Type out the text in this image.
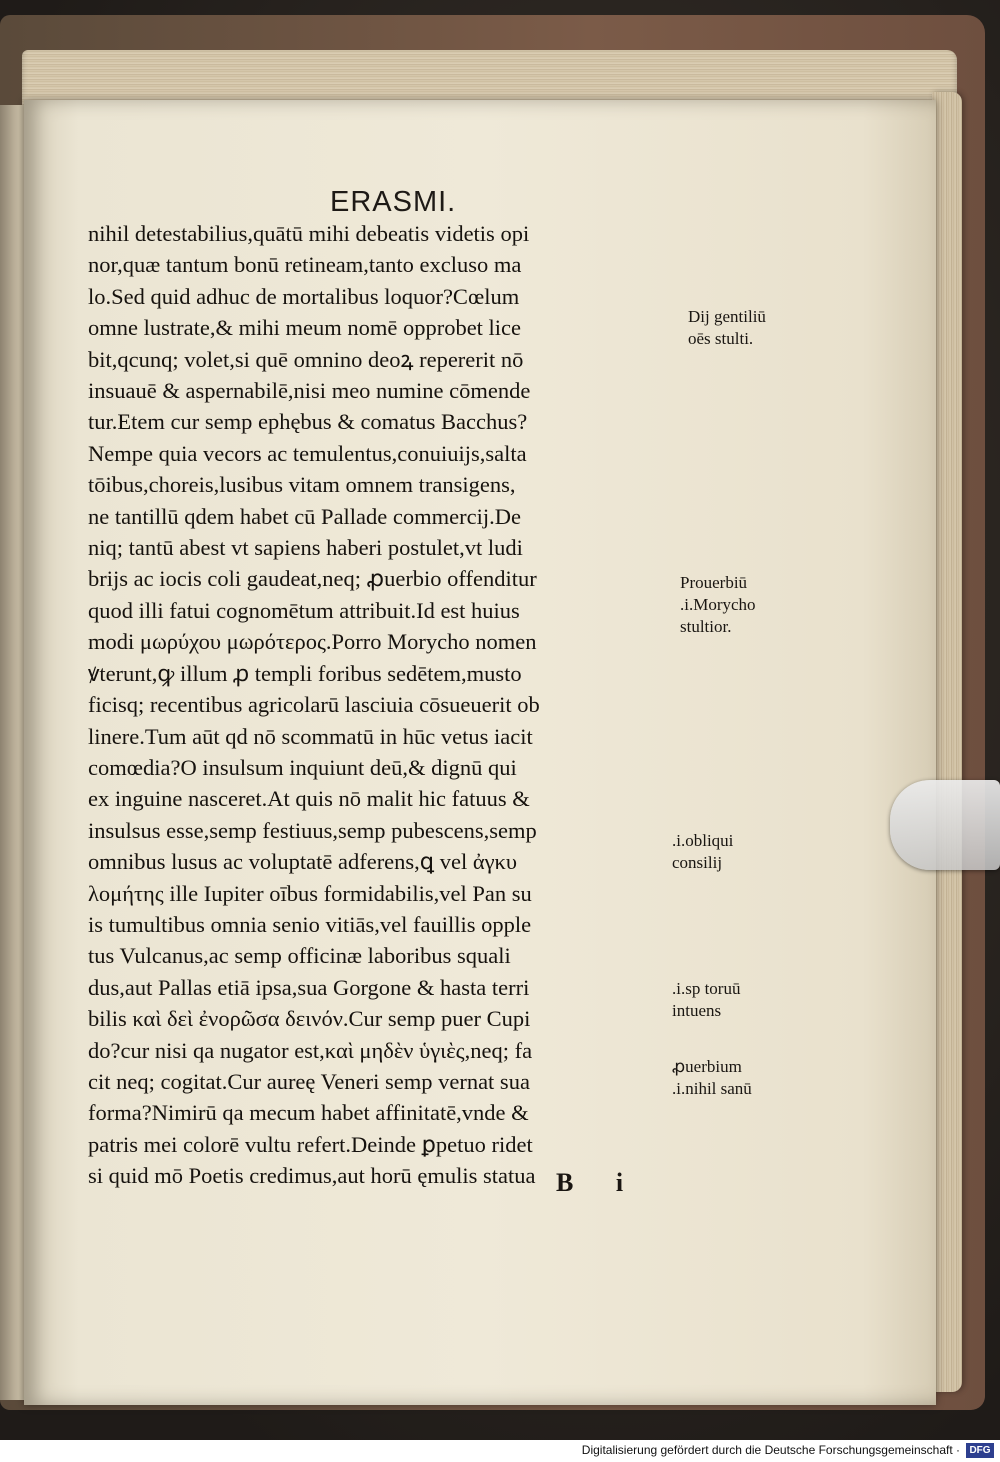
ERASMI.
nihil detestabilius,quātū mihi debeatis videtis opi
nor,quæ tantum bonū retineam,tanto excluso ma
lo.Sed quid adhuc de mortalibus loquor?Cœlum
omne lustrate,& mihi meum nomē opprobet lice
bit,qcunq; volet,si quē omnino deoꝝ repererit nō
insuauē & aspernabilē,nisi meo numine cōmende
tur.Etem cur semp ephębus & comatus Bacchus?
Nempe quia vecors ac temulentus,conuiuijs,salta
tōibus,choreis,lusibus vitam omnem transigens,
ne tantillū qdem habet cū Pallade commercij.De
niq; tantū abest vt sapiens haberi postulet,vt ludi
brijs ac iocis coli gaudeat,neq; ꝓuerbio offenditur
quod illi fatui cognomētum attribuit.Id est huius
modi μωρύχου μωρότερος.Porro Morycho nomen
ꝟterunt,ꝙ illum ꝓ templi foribus sedētem,musto
ficisq; recentibus agricolarū lasciuia cōsueuerit ob
linere.Tum aūt qd nō scommatū in hūc vetus iacit
comœdia?O insulsum inquiunt deū,& dignū qui
ex inguine nasceret.At quis nō malit hic fatuus &
insulsus esse,semp festiuus,semp pubescens,semp
omnibus lusus ac voluptatē adferens,ꝗ vel ἀγκυ
λομήτης ille Iupiter oībus formidabilis,vel Pan su
is tumultibus omnia senio vitiās,vel fauillis opple
tus Vulcanus,ac semp officinæ laboribus squali
dus,aut Pallas etiā ipsa,sua Gorgone & hasta terri
bilis καὶ δεὶ ἐνορῶσα δεινόν.Cur semp puer Cupi
do?cur nisi qa nugator est,καὶ μηδὲν ὑγιὲς,neq; fa
cit neq; cogitat.Cur aureę Veneri semp vernat sua
forma?Nimirū qa mecum habet affinitatē,vnde &
patris mei colorē vultu refert.Deinde ꝑpetuo ridet
si quid mō Poetis credimus,aut horū ęmulis statua
Dij gentiliū
oēs stulti.
Prouerbiū
.i.Morycho
stultior.
.i.obliqui
consilij
.i.sp toruū
intuens
ꝓuerbium
.i.nihil sanū
B i
Digitalisierung gefördert durch die Deutsche Forschungsgemeinschaft · DFG
